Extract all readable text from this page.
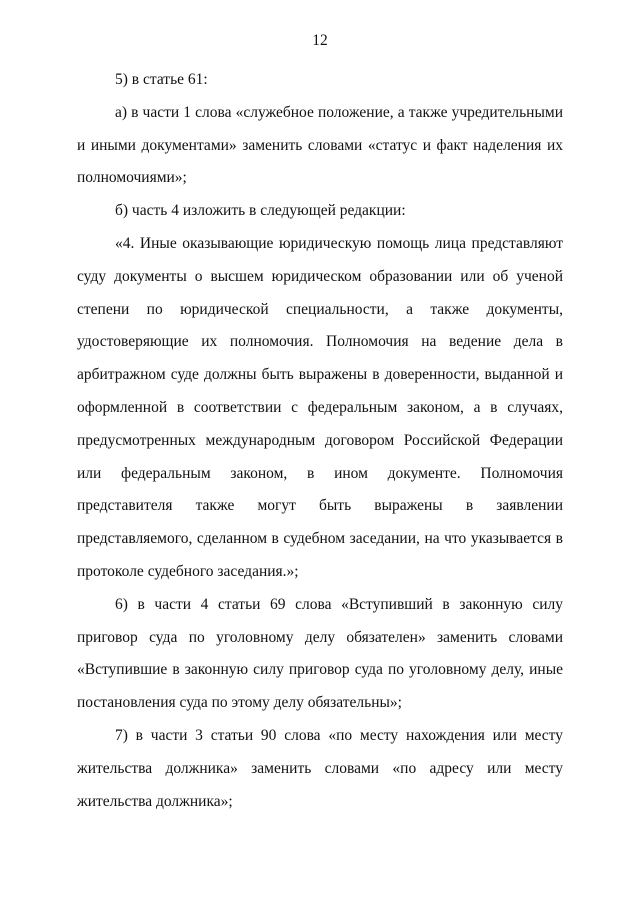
12

5) в статье 61:

а) в части 1 слова «служебное положение, а также учредительными и иными документами» заменить словами «статус и факт наделения их полномочиями»;

б) часть 4 изложить в следующей редакции:

«4. Иные оказывающие юридическую помощь лица представляют суду документы о высшем юридическом образовании или об ученой степени по юридической специальности, а также документы, удостоверяющие их полномочия. Полномочия на ведение дела в арбитражном суде должны быть выражены в доверенности, выданной и оформленной в соответствии с федеральным законом, а в случаях, предусмотренных международным договором Российской Федерации или федеральным законом, в ином документе. Полномочия представителя также могут быть выражены в заявлении представляемого, сделанном в судебном заседании, на что указывается в протоколе судебного заседания.»;

6) в части 4 статьи 69 слова «Вступивший в законную силу приговор суда по уголовному делу обязателен» заменить словами «Вступившие в законную силу приговор суда по уголовному делу, иные постановления суда по этому делу обязательны»;

7) в части 3 статьи 90 слова «по месту нахождения или месту жительства должника» заменить словами «по адресу или месту жительства должника»;
